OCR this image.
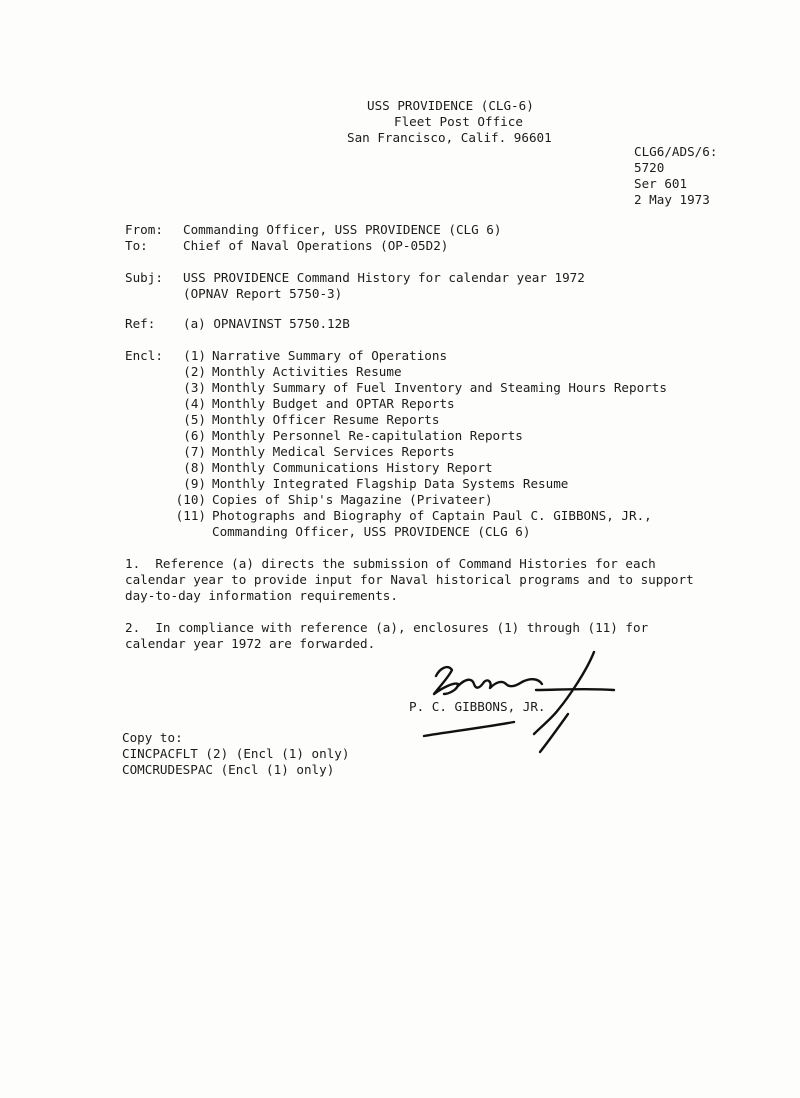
USS PROVIDENCE (CLG-6)
Fleet Post Office
San Francisco, Calif. 96601
CLG6/ADS/6:
5720
Ser 601
2 May 1973
From: Commanding Officer, USS PROVIDENCE (CLG 6)
To:	Chief of Naval Operations (OP-05D2)
Subj: USS PROVIDENCE Command History for calendar year 1972
(OPNAV Report 5750-3)
Ref: (a) OPNAVINST 5750.12B
Encl:	(1) Narrative Summary of Operations
(2) Monthly Activities Resume
(3) Monthly Summary of Fuel Inventory and Steaming Hours Reports
(4) Monthly Budget and OPTAR Reports
(5) Monthly Officer Resume Reports
(6) Monthly Personnel Re-capitulation Reports
(7) Monthly Medical Services Reports
(8) Monthly Communications History Report
(9) Monthly Integrated Flagship Data Systems Resume
(10) Copies of Ship's Magazine (Privateer)
(11) Photographs and Biography of Captain Paul C. GIBBONS, JR.,
Commanding Officer, USS PROVIDENCE (CLG 6)
1.  Reference (a) directs the submission of Command Histories for each
calendar year to provide input for Naval historical programs and to support
day-to-day information requirements.
2.  In compliance with reference (a), enclosures (1) through (11) for
calendar year 1972 are forwarded.
P. C. GIBBONS, JR.
Copy to:
CINCPACFLT (2) (Encl (1) only)
COMCRUDESPAC (Encl (1) only)
